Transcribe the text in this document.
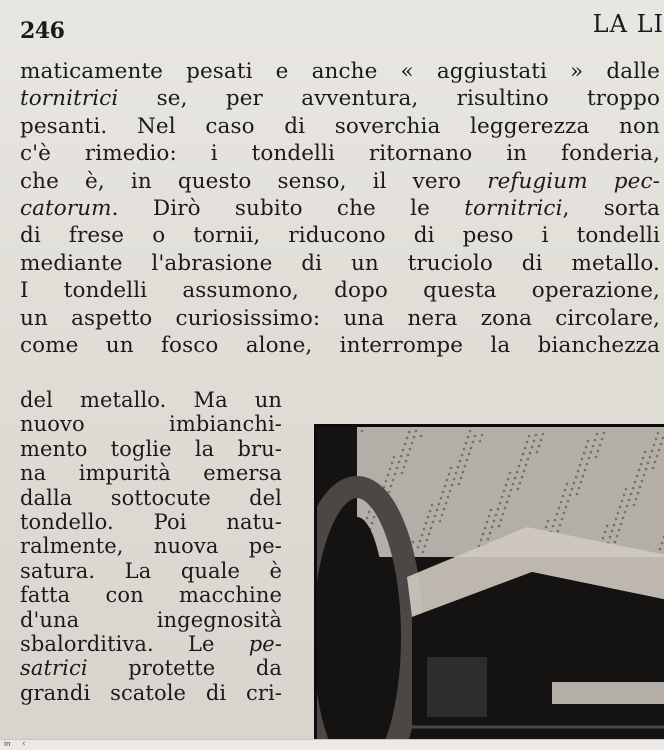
246	LA LI
maticamente pesati e anche « aggiustati » dalle
tornitrici se, per avventura, risultino troppo
pesanti. Nel caso di soverchia leggerezza non
c'è rimedio: i tondelli ritornano in fonderia,
che è, in questo senso, il vero refugium pec-
catorum. Dirò subito che le tornitrici, sorta
di frese o tornii, riducono di peso i tondelli
mediante l'abrasione di un truciolo di metallo.
I tondelli assumono, dopo questa operazione,
un aspetto curiosissimo: una nera zona circolare,
come un fosco alone, interrompe la bianchezza
del metallo. Ma un
nuovo imbianchi-
mento toglie la bru-
na impurità emersa
dalla sottocute del
tondello. Poi natu-
ralmente, nuova pe-
satura. La quale è
fatta con macchine
d'una ingegnosità
sbalorditiva. Le pe-
satrici protette da
grandi scatole di cri-
in ‹
